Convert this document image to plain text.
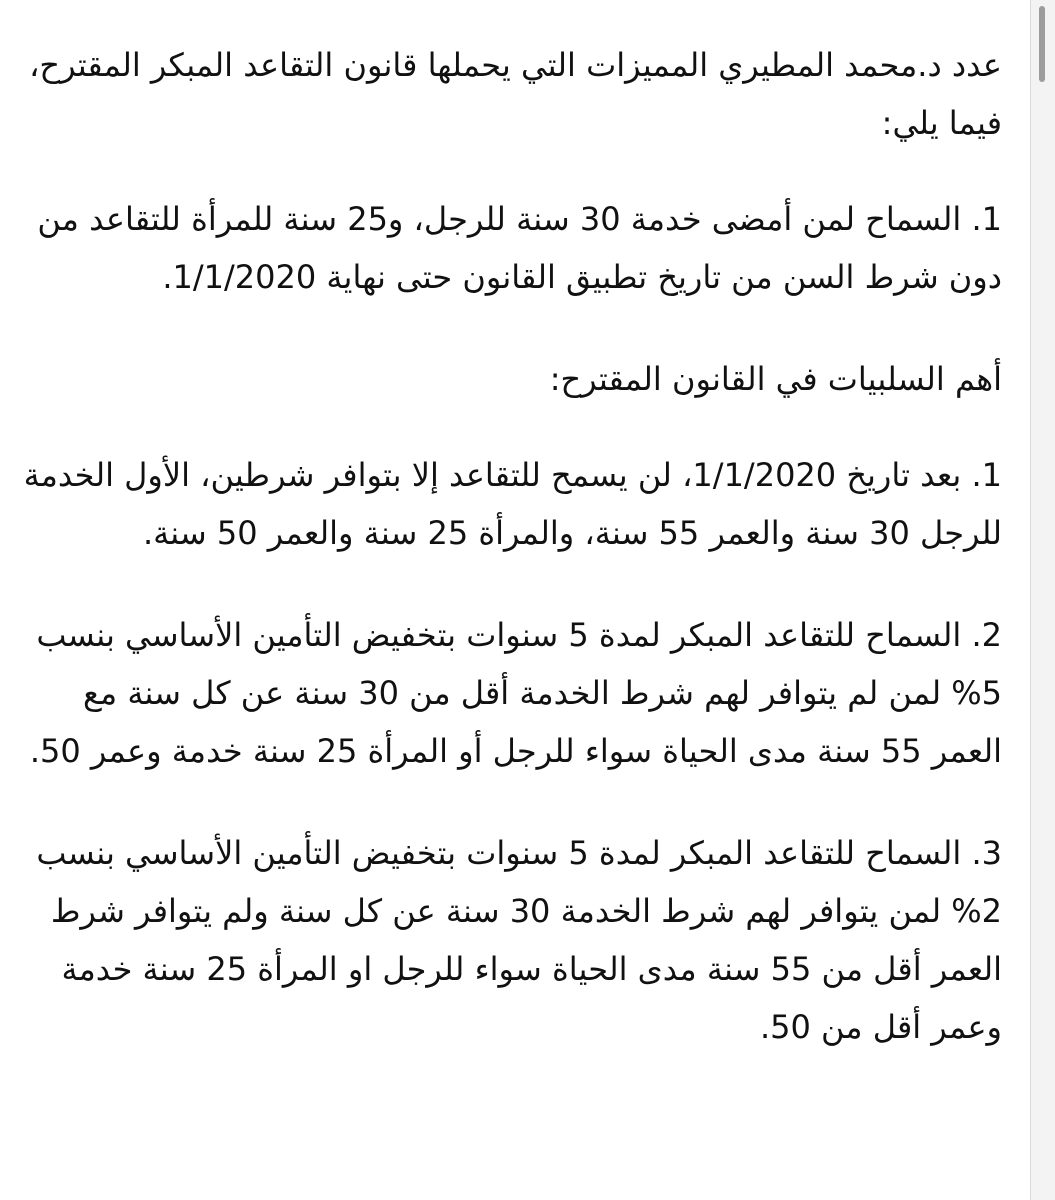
عدد د.محمد المطيري المميزات التي يحملها قانون التقاعد المبكر المقترح، فيما يلي:

1. السماح لمن أمضى خدمة 30 سنة للرجل، و25 سنة للمرأة للتقاعد من دون شرط السن من تاريخ تطبيق القانون حتى نهاية 1/1/2020.

أهم السلبيات في القانون المقترح:

1. بعد تاريخ 1/1/2020، لن يسمح للتقاعد إلا بتوافر شرطين، الأول الخدمة للرجل 30 سنة والعمر 55 سنة، والمرأة 25 سنة والعمر 50 سنة.

2. السماح للتقاعد المبكر لمدة 5 سنوات بتخفيض التأمين الأساسي بنسب 5% لمن لم يتوافر لهم شرط الخدمة أقل من 30 سنة عن كل سنة مع العمر 55 سنة مدى الحياة سواء للرجل أو المرأة 25 سنة خدمة وعمر 50.

3. السماح للتقاعد المبكر لمدة 5 سنوات بتخفيض التأمين الأساسي بنسب 2% لمن يتوافر لهم شرط الخدمة 30 سنة عن كل سنة ولم يتوافر شرط العمر أقل من 55 سنة مدى الحياة سواء للرجل او المرأة 25 سنة خدمة وعمر أقل من 50.
